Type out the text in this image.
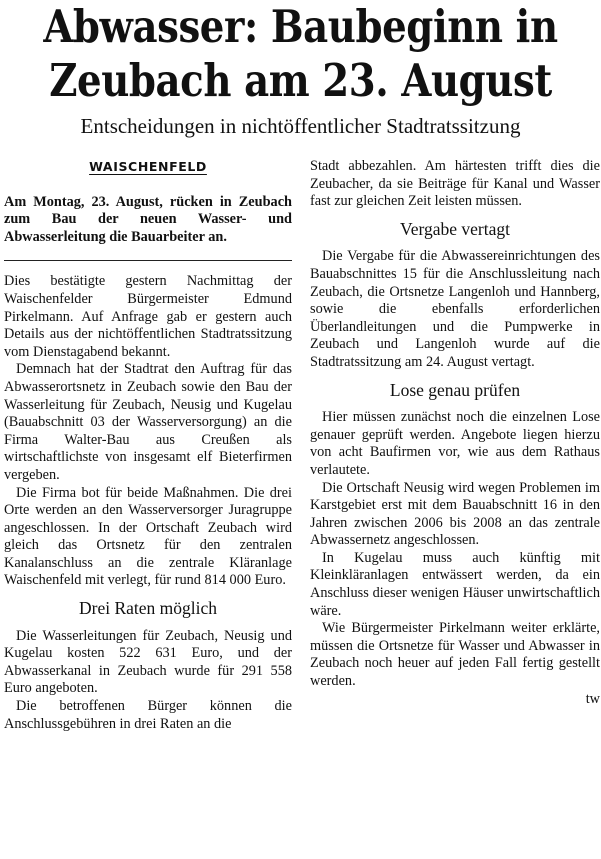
Abwasser: Baubeginn in
Zeubach am 23. August
Entscheidungen in nichtöffentlicher Stadtratssitzung
WAISCHENFELD

Am Montag, 23. August, rücken in Zeubach zum Bau der neuen Wasser- und Abwasserleitung die Bauarbeiter an.

Dies bestätigte gestern Nachmittag der Waischenfelder Bürgermeister Edmund Pirkelmann. Auf Anfrage gab er gestern auch Details aus der nichtöffentlichen Stadtratssitzung vom Dienstagabend bekannt.

Demnach hat der Stadtrat den Auftrag für das Abwasserortsnetz in Zeubach sowie den Bau der Wasserleitung für Zeubach, Neusig und Kugelau (Bauabschnitt 03 der Wasserversorgung) an die Firma Walter-Bau aus Creußen als wirtschaftlichste von insgesamt elf Bieterfirmen vergeben.

Die Firma bot für beide Maßnahmen. Die drei Orte werden an den Wasserversorger Juragruppe angeschlossen. In der Ortschaft Zeubach wird gleich das Ortsnetz für den zentralen Kanalanschluss an die zentrale Kläranlage Waischenfeld mit verlegt, für rund 814 000 Euro.

Drei Raten möglich

Die Wasserleitungen für Zeubach, Neusig und Kugelau kosten 522 631 Euro, und der Abwasserkanal in Zeubach wurde für 291 558 Euro angeboten.

Die betroffenen Bürger können die Anschlussgebühren in drei Raten an die

Stadt abbezahlen. Am härtesten trifft dies die Zeubacher, da sie Beiträge für Kanal und Wasser fast zur gleichen Zeit leisten müssen.

Vergabe vertagt

Die Vergabe für die Abwassereinrichtungen des Bauabschnittes 15 für die Anschlussleitung nach Zeubach, die Ortsnetze Langenloh und Hannberg, sowie die ebenfalls erforderlichen Überlandleitungen und die Pumpwerke in Zeubach und Langenloh wurde auf die Stadtratssitzung am 24. August vertagt.

Lose genau prüfen

Hier müssen zunächst noch die einzelnen Lose genauer geprüft werden. Angebote liegen hierzu von acht Baufirmen vor, wie aus dem Rathaus verlautete.

Die Ortschaft Neusig wird wegen Problemen im Karstgebiet erst mit dem Bauabschnitt 16 in den Jahren zwischen 2006 bis 2008 an das zentrale Abwassernetz angeschlossen.

In Kugelau muss auch künftig mit Kleinkläranlagen entwässert werden, da ein Anschluss dieser wenigen Häuser unwirtschaftlich wäre.

Wie Bürgermeister Pirkelmann weiter erklärte, müssen die Ortsnetze für Wasser und Abwasser in Zeubach noch heuer auf jeden Fall fertig gestellt werden.

tw
